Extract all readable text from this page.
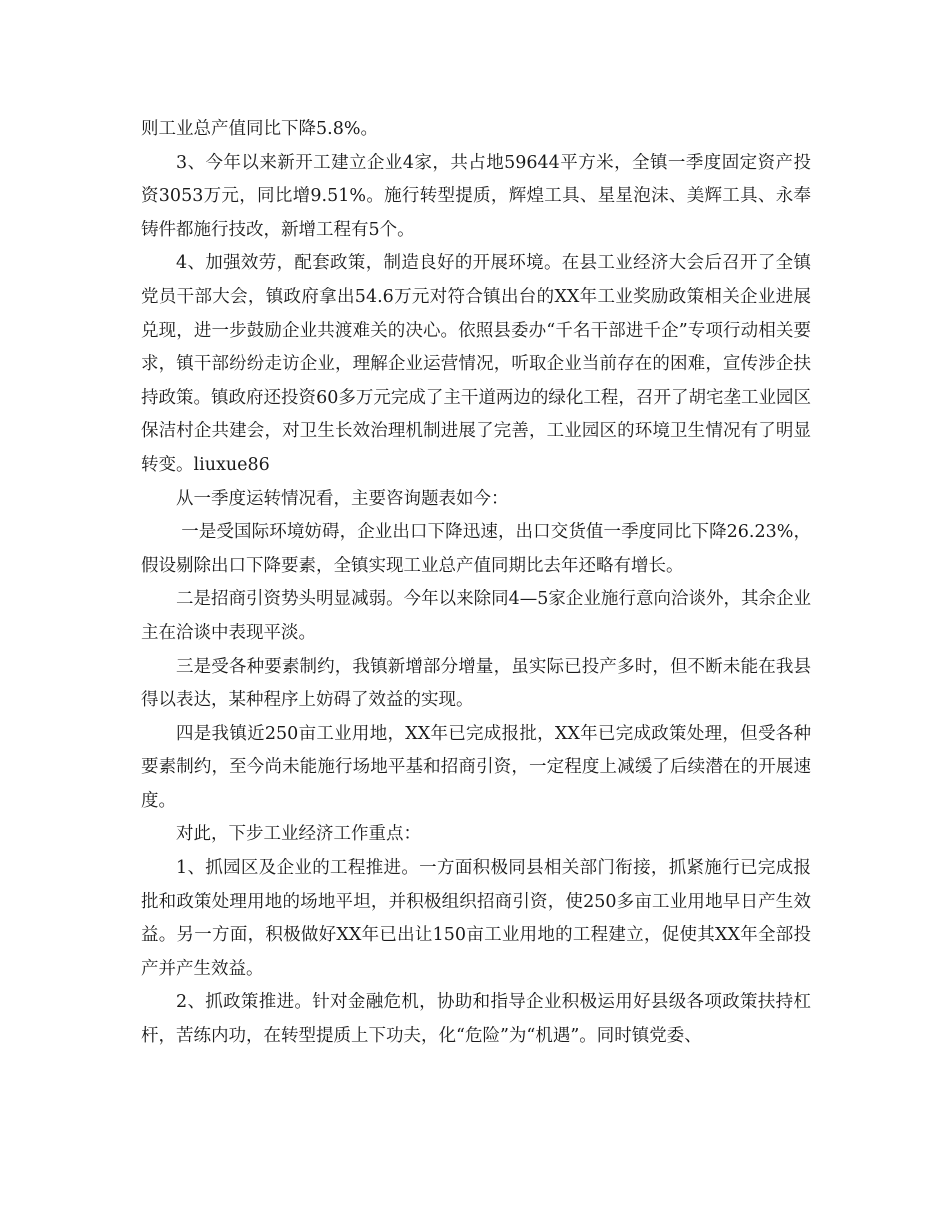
则工业总产值同比下降5.8%。

3、今年以来新开工建立企业4家，共占地59644平方米，全镇一季度固定资产投资3053万元，同比增9.51%。施行转型提质，辉煌工具、星星泡沫、美辉工具、永奉铸件都施行技改，新增工程有5个。

4、加强效劳，配套政策，制造良好的开展环境。在县工业经济大会后召开了全镇党员干部大会，镇政府拿出54.6万元对符合镇出台的XX年工业奖励政策相关企业进展兑现，进一步鼓励企业共渡难关的决心。依照县委办“千名干部进千企”专项行动相关要求，镇干部纷纷走访企业，理解企业运营情况，听取企业当前存在的困难，宣传涉企扶持政策。镇政府还投资60多万元完成了主干道两边的绿化工程，召开了胡宅垄工业园区保洁村企共建会，对卫生长效治理机制进展了完善，工业园区的环境卫生情况有了明显转变。liuxue86

从一季度运转情况看，主要咨询题表如今：

一是受国际环境妨碍，企业出口下降迅速，出口交货值一季度同比下降26.23%，假设剔除出口下降要素，全镇实现工业总产值同期比去年还略有增长。

二是招商引资势头明显减弱。今年以来除同4—5家企业施行意向洽谈外，其余企业主在洽谈中表现平淡。

三是受各种要素制约，我镇新增部分增量，虽实际已投产多时，但不断未能在我县得以表达，某种程序上妨碍了效益的实现。

四是我镇近250亩工业用地，XX年已完成报批，XX年已完成政策处理，但受各种要素制约，至今尚未能施行场地平基和招商引资，一定程度上减缓了后续潜在的开展速度。

对此，下步工业经济工作重点：

1、抓园区及企业的工程推进。一方面积极同县相关部门衔接，抓紧施行已完成报批和政策处理用地的场地平坦，并积极组织招商引资，使250多亩工业用地早日产生效益。另一方面，积极做好XX年已出让150亩工业用地的工程建立，促使其XX年全部投产并产生效益。

2、抓政策推进。针对金融危机，协助和指导企业积极运用好县级各项政策扶持杠杆，苦练内功，在转型提质上下功夫，化“危险”为“机遇”。同时镇党委、
